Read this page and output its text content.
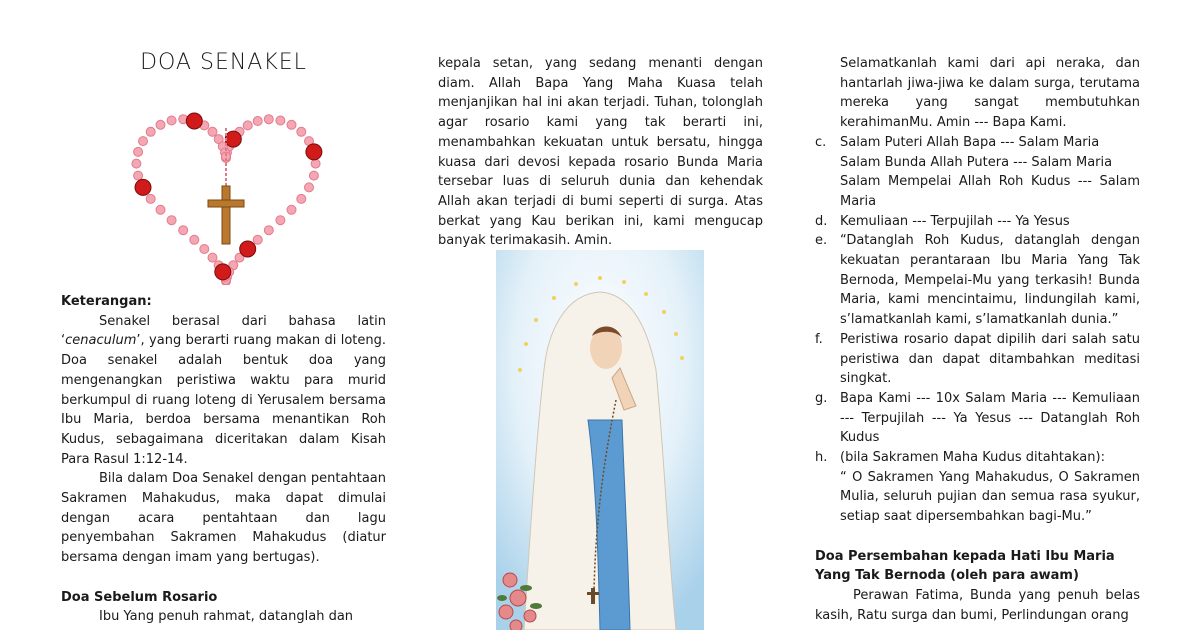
DOA SENAKEL
Keterangan:
Senakel berasal dari bahasa latin ‘cenaculum’, yang berarti ruang makan di loteng. Doa senakel adalah bentuk doa yang mengenangkan peristiwa waktu para murid berkumpul di ruang loteng di Yerusalem bersama Ibu Maria, berdoa bersama menantikan Roh Kudus, sebagaimana diceritakan dalam Kisah Para Rasul 1:12-14.
Bila dalam Doa Senakel dengan pentahtaan Sakramen Mahakudus, maka dapat dimulai dengan acara pentahtaan dan lagu penyembahan Sakramen Mahakudus (diatur bersama dengan imam yang bertugas).
Doa Sebelum Rosario
Ibu Yang penuh rahmat, datanglah dan
kepala setan, yang sedang menanti dengan diam. Allah Bapa Yang Maha Kuasa telah menjanjikan hal ini akan terjadi. Tuhan, tolonglah agar rosario kami yang tak berarti ini, menambahkan kekuatan untuk bersatu, hingga kuasa dari devosi kepada rosario Bunda Maria tersebar luas di seluruh dunia dan kehendak Allah akan terjadi di bumi seperti di surga. Atas berkat yang Kau berikan ini, kami mengucap banyak terimakasih. Amin.
Selamatkanlah kami dari api neraka, dan hantarlah jiwa-jiwa ke dalam surga, terutama mereka yang sangat membutuhkan kerahimanMu. Amin --- Bapa Kami.
c. Salam Puteri Allah Bapa --- Salam Maria
Salam Bunda Allah Putera --- Salam Maria
Salam Mempelai Allah Roh Kudus --- Salam Maria
d. Kemuliaan --- Terpujilah --- Ya Yesus
e. “Datanglah Roh Kudus, datanglah dengan kekuatan perantaraan Ibu Maria Yang Tak Bernoda, Mempelai-Mu yang terkasih! Bunda Maria, kami mencintaimu, lindungilah kami, s’lamatkanlah kami, s’lamatkanlah dunia.”
f. Peristiwa rosario dapat dipilih dari salah satu peristiwa dan dapat ditambahkan meditasi singkat.
g. Bapa Kami --- 10x Salam Maria --- Kemuliaan --- Terpujilah --- Ya Yesus --- Datanglah Roh Kudus
h. (bila Sakramen Maha Kudus ditahtakan):
“ O Sakramen Yang Mahakudus, O Sakramen Mulia, seluruh pujian dan semua rasa syukur, setiap saat dipersembahkan bagi-Mu.”
Doa Persembahan kepada Hati Ibu Maria Yang Tak Bernoda (oleh para awam)
Perawan Fatima, Bunda yang penuh belas kasih, Ratu surga dan bumi, Perlindungan orang
